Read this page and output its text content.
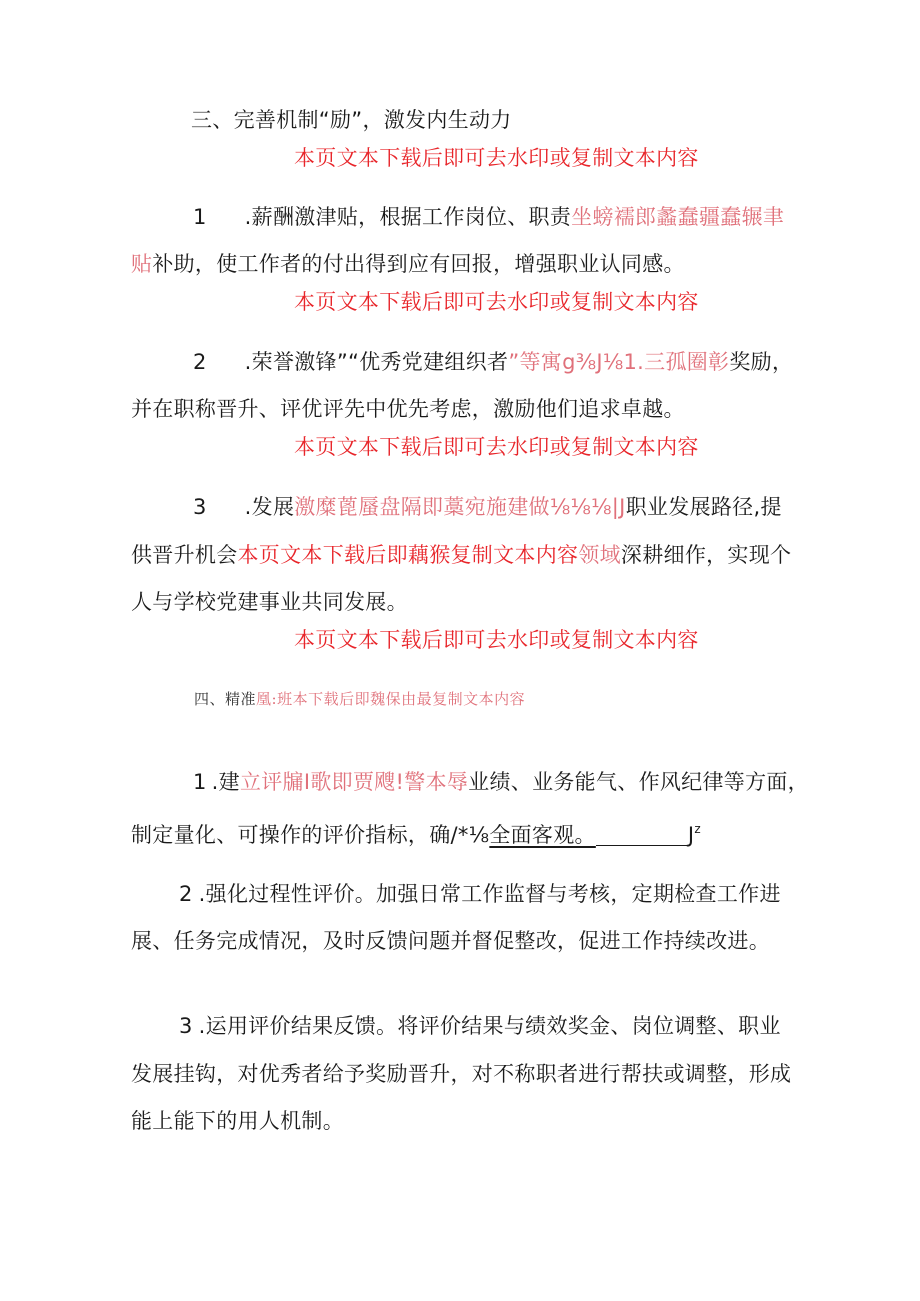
三、完善机制“励”，激发内生动力
本页文本下载后即可去水印或复制文本内容
1 .薪酬激津贴，根据工作岗位、职责坐螃襦郎蠡蠢疆蠢辗聿
贴补助，使工作者的付出得到应有回报，增强职业认同感。
本页文本下载后即可去水印或复制文本内容
2 .荣誉激锋”“优秀党建组织者”等寓g⅜J⅛1.三孤圈彰奖励，
并在职称晋升、评优评先中优先考虑，激励他们追求卓越。
本页文本下载后即可去水印或复制文本内容
3 .发展激糜蓖蜃盘隔即藁宛施建做⅛⅛⅛|J职业发展路径,提
供晋升机会本页文本下载后即藕猴复制文本内容领域深耕细作，实现个
人与学校党建事业共同发展。
本页文本下载后即可去水印或复制文本内容
四、精准凰:班本下载后即魏保由最复制文本内容
1 .建立评牖I歌即贾飕!警本辱业绩、业务能气、作风纪律等方面，
制定量化、可操作的评价指标，确/*⅛全面客观。	$J^z$
2 .强化过程性评价。加强日常工作监督与考核，定期检查工作进
展、任务完成情况，及时反馈问题并督促整改，促进工作持续改进。
3 .运用评价结果反馈。将评价结果与绩效奖金、岗位调整、职业
发展挂钩，对优秀者给予奖励晋升，对不称职者进行帮扶或调整，形成
能上能下的用人机制。
